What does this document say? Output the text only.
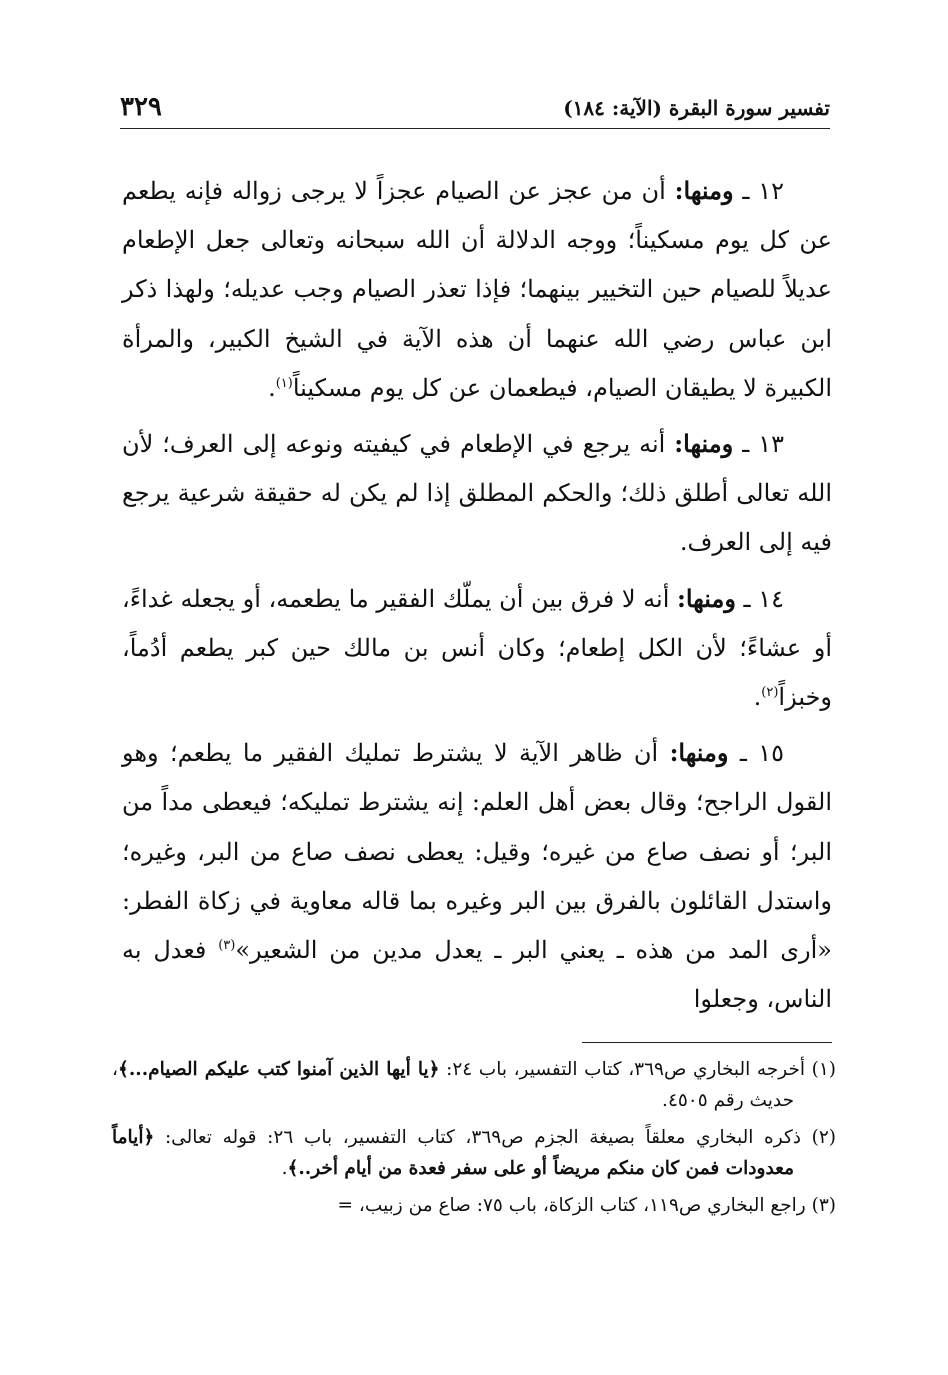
تفسير سورة البقرة (الآية: ١٨٤)
٣٢٩

١٢ ـ ومنها: أن من عجز عن الصيام عجزاً لا يرجى زواله فإنه يطعم عن كل يوم مسكيناً؛ ووجه الدلالة أن الله سبحانه وتعالى جعل الإطعام عديلاً للصيام حين التخيير بينهما؛ فإذا تعذر الصيام وجب عديله؛ ولهذا ذكر ابن عباس رضي الله عنهما أن هذه الآية في الشيخ الكبير، والمرأة الكبيرة لا يطيقان الصيام، فيطعمان عن كل يوم مسكيناً$^{(١)}$.

١٣ ـ ومنها: أنه يرجع في الإطعام في كيفيته ونوعه إلى العرف؛ لأن الله تعالى أطلق ذلك؛ والحكم المطلق إذا لم يكن له حقيقة شرعية يرجع فيه إلى العرف.

١٤ ـ ومنها: أنه لا فرق بين أن يملّك الفقير ما يطعمه، أو يجعله غداءً، أو عشاءً؛ لأن الكل إطعام؛ وكان أنس بن مالك حين كبر يطعم أدُماً، وخبزاً$^{(٢)}$.

١٥ ـ ومنها: أن ظاهر الآية لا يشترط تمليك الفقير ما يطعم؛ وهو القول الراجح؛ وقال بعض أهل العلم: إنه يشترط تمليكه؛ فيعطى مداً من البر؛ أو نصف صاع من غيره؛ وقيل: يعطى نصف صاع من البر، وغيره؛ واستدل القائلون بالفرق بين البر وغيره بما قاله معاوية في زكاة الفطر: «أرى المد من هذه ـ يعني البر ـ يعدل مدين من الشعير»$^{(٣)}$ فعدل به الناس، وجعلوا

(١) أخرجه البخاري ص٣٦٩، كتاب التفسير، باب ٢٤: ﴿يا أيها الذين آمنوا كتب عليكم الصيام...﴾، حديث رقم ٤٥٠٥.

(٢) ذكره البخاري معلقاً بصيغة الجزم ص٣٦٩، كتاب التفسير، باب ٢٦: قوله تعالى: ﴿أياماً معدودات فمن كان منكم مريضاً أو على سفر فعدة من أيام أخر..﴾.

(٣) راجع البخاري ص١١٩، كتاب الزكاة، باب ٧٥: صاع من زبيب، =
